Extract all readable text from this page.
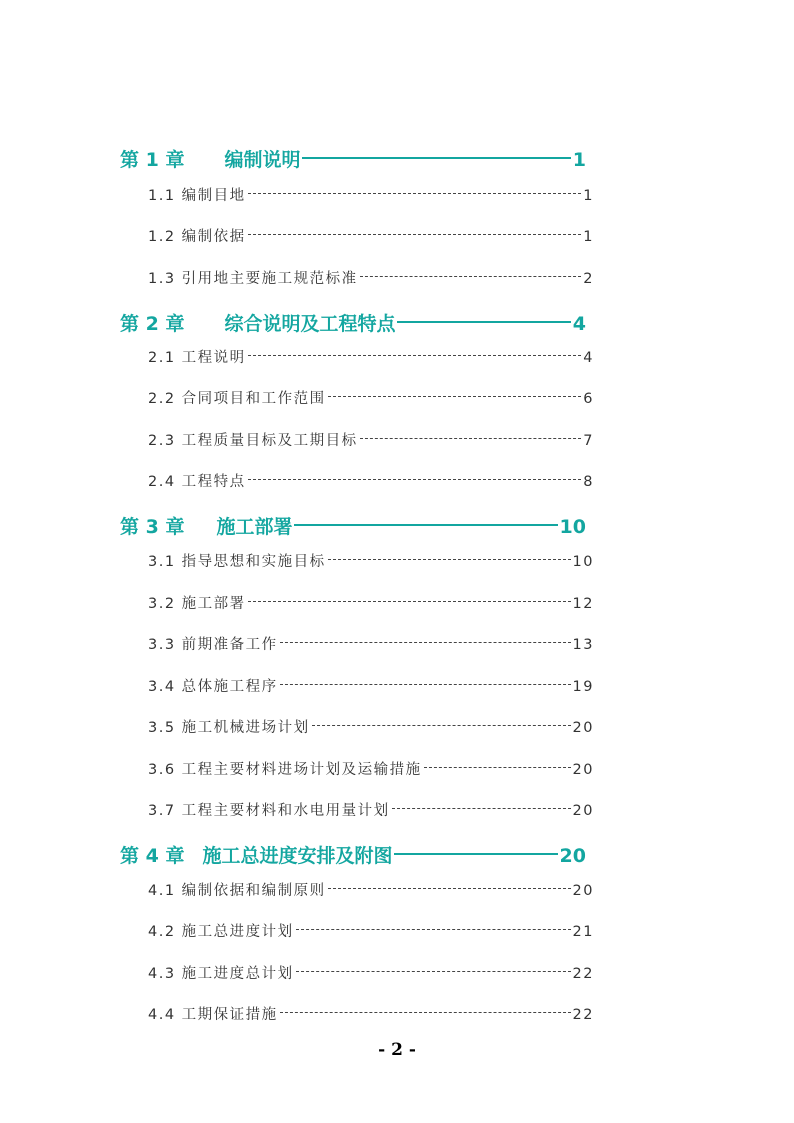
第 1 章 编制说明	1
1.1 编制目地	1
1.2 编制依据	1
1.3 引用地主要施工规范标准	2
第 2 章 综合说明及工程特点	4
2.1 工程说明	4
2.2 合同项目和工作范围	6
2.3 工程质量目标及工期目标	7
2.4 工程特点	8
第 3 章 施工部署	10
3.1 指导思想和实施目标	10
3.2 施工部署	12
3.3 前期准备工作	13
3.4 总体施工程序	19
3.5 施工机械进场计划	20
3.6 工程主要材料进场计划及运输措施	20
3.7 工程主要材料和水电用量计划	20
第 4 章 施工总进度安排及附图	20
4.1 编制依据和编制原则	20
4.2 施工总进度计划	21
4.3 施工进度总计划	22
4.4 工期保证措施	22
- 2 -
